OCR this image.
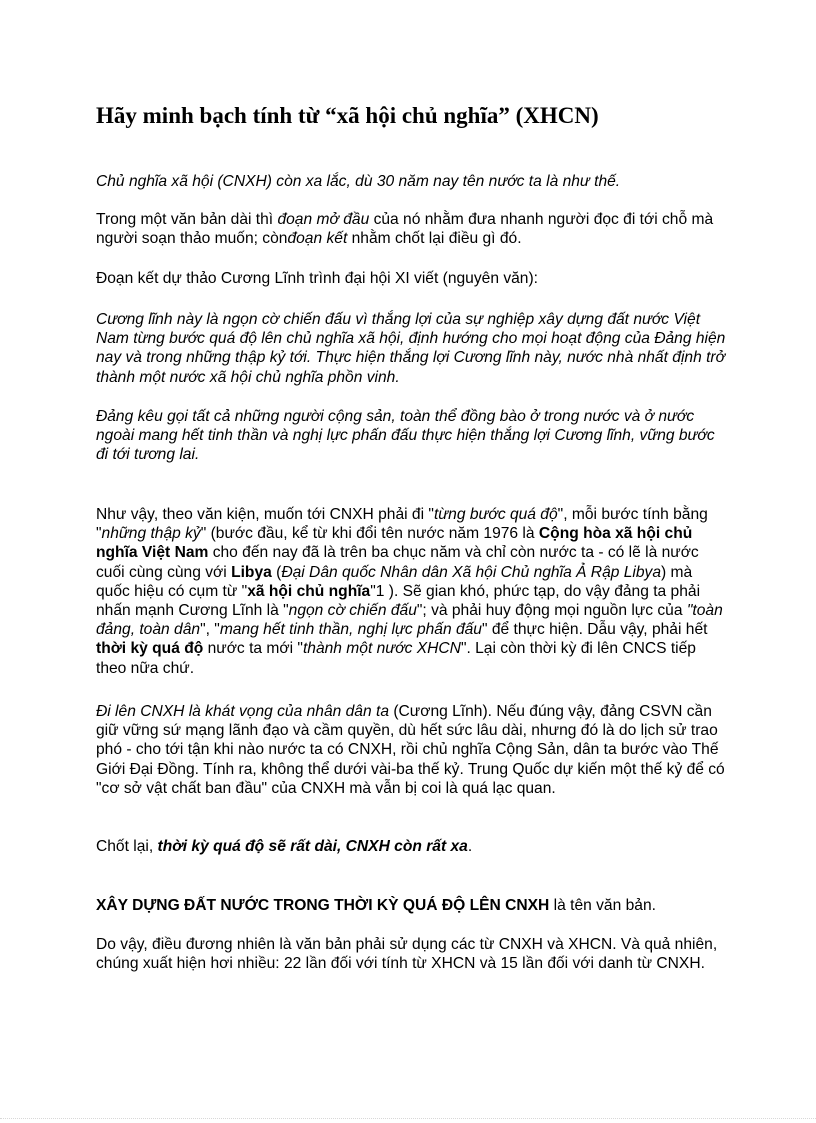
Hãy minh bạch tính từ “xã hội chủ nghĩa” (XHCN)

Chủ nghĩa xã hội (CNXH) còn xa lắc, dù 30 năm nay tên nước ta là như thế.

Trong một văn bản dài thì đoạn mở đầu của nó nhằm đưa nhanh người đọc đi tới chỗ mà người soạn thảo muốn; cònđoạn kết nhằm chốt lại điều gì đó.

Đoạn kết dự thảo Cương Lĩnh trình đại hội XI viết (nguyên văn):

Cương lĩnh này là ngọn cờ chiến đấu vì thắng lợi của sự nghiệp xây dựng đất nước Việt Nam từng bước quá độ lên chủ nghĩa xã hội, định hướng cho mọi hoạt động của Đảng hiện nay và trong những thập kỷ tới. Thực hiện thắng lợi Cương lĩnh này, nước nhà nhất định trở thành một nước xã hội chủ nghĩa phồn vinh.

Đảng kêu gọi tất cả những người cộng sản, toàn thể đồng bào ở trong nước và ở nước ngoài mang hết tinh thần và nghị lực phấn đấu thực hiện thắng lợi Cương lĩnh, vững bước đi tới tương lai.

Như vậy, theo văn kiện, muốn tới CNXH phải đi "từng bước quá độ", mỗi bước tính bằng "những thập kỷ" (bước đầu, kể từ khi đổi tên nước năm 1976 là Cộng hòa xã hội chủ nghĩa Việt Nam cho đến nay đã là trên ba chục năm và chỉ còn nước ta - có lẽ là nước cuối cùng cùng với Libya (Đại Dân quốc Nhân dân Xã hội Chủ nghĩa Ả Rập Libya) mà quốc hiệu có cụm từ "xã hội chủ nghĩa"1 ). Sẽ gian khó, phức tạp, do vậy đảng ta phải nhấn mạnh Cương Lĩnh là "ngọn cờ chiến đấu"; và phải huy động mọi nguồn lực của "toàn đảng, toàn dân", "mang hết tinh thần, nghị lực phấn đấu" để thực hiện. Dẫu vậy, phải hết thời kỳ quá độ nước ta mới "thành một nước XHCN". Lại còn thời kỳ đi lên CNCS tiếp theo nữa chứ.

Đi lên CNXH là khát vọng của nhân dân ta (Cương Lĩnh). Nếu đúng vậy, đảng CSVN cần giữ vững sứ mạng lãnh đạo và cầm quyền, dù hết sức lâu dài, nhưng đó là do lịch sử trao phó - cho tới tận khi nào nước ta có CNXH, rồi chủ nghĩa Cộng Sản, dân ta bước vào Thế Giới Đại Đồng. Tính ra, không thể dưới vài-ba thế kỷ. Trung Quốc dự kiến một thế kỷ để có "cơ sở vật chất ban đầu" của CNXH mà vẫn bị coi là quá lạc quan.

Chốt lại, thời kỳ quá độ sẽ rất dài, CNXH còn rất xa.

XÂY DỰNG ĐẤT NƯỚC TRONG THỜI KỲ QUÁ ĐỘ LÊN CNXH là tên văn bản.

Do vậy, điều đương nhiên là văn bản phải sử dụng các từ CNXH và XHCN. Và quả nhiên, chúng xuất hiện hơi nhiều: 22 lần đối với tính từ XHCN và 15 lần đối với danh từ CNXH.
